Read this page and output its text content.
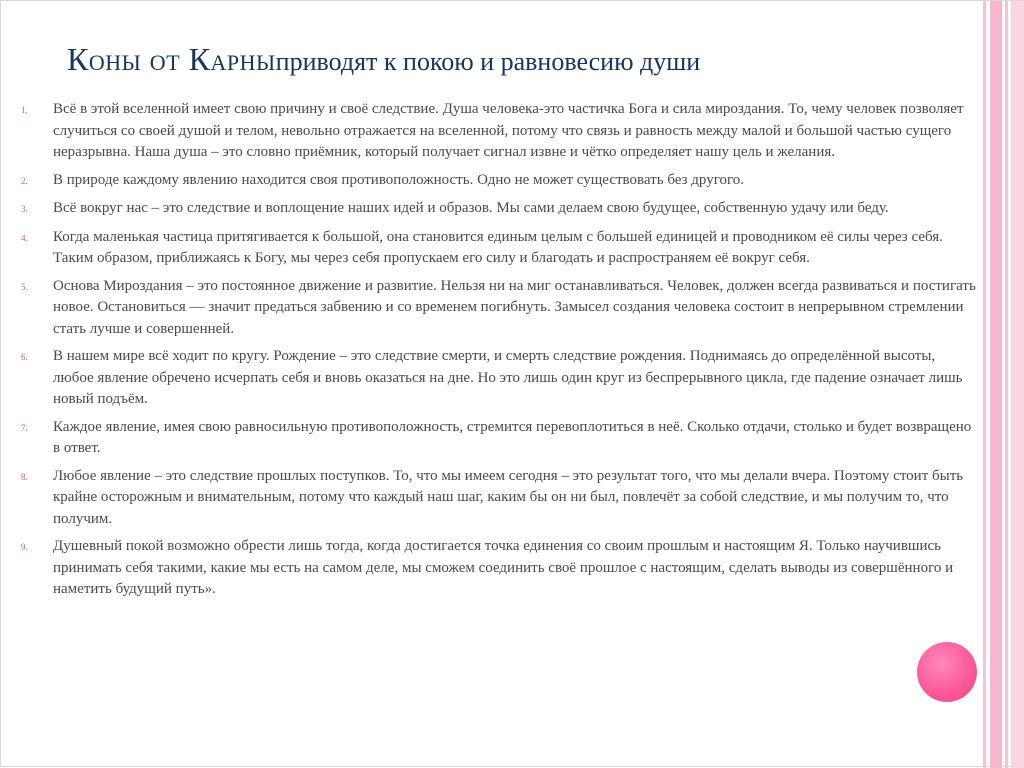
Коны от Карныприводят к покою и равновесию души
1.	Всё в этой вселенной имеет свою причину и своё следствие. Душа человека-это частичка Бога и сила мироздания. То, чему человек позволяет случиться со своей душой и телом, невольно отражается на вселенной, потому что связь и равность между малой и большой частью сущего неразрывна. Наша душа – это словно приёмник, который получает сигнал извне и чётко определяет нашу цель и желания.
2.	В природе каждому явлению находится своя противоположность. Одно не может существовать без другого.
3.	Всё вокруг нас – это следствие и воплощение наших идей и образов. Мы сами делаем свою будущее, собственную удачу или беду.
4.	Когда маленькая частица притягивается к большой, она становится единым целым с большей единицей и проводником её силы через себя. Таким образом, приближаясь к Богу, мы через себя пропускаем его силу и благодать и распространяем её вокруг себя.
5.	Основа Мироздания – это постоянное движение и развитие. Нельзя ни на миг останавливаться. Человек, должен всегда развиваться и постигать новое. Остановиться — значит предаться забвению и со временем погибнуть. Замысел создания человека состоит в непрерывном стремлении стать лучше и совершенней.
6.	В нашем мире всё ходит по кругу. Рождение – это следствие смерти, и смерть следствие рождения. Поднимаясь до определённой высоты, любое явление обречено исчерпать себя и вновь оказаться на дне. Но это лишь один круг из беспрерывного цикла, где падение означает лишь новый подъём.
7.	Каждое явление, имея свою равносильную противоположность, стремится перевоплотиться в неё. Сколько отдачи, столько и будет возвращено в ответ.
8.	Любое явление – это следствие прошлых поступков. То, что мы имеем сегодня – это результат того, что мы делали вчера. Поэтому стоит быть крайне осторожным и внимательным, потому что каждый наш шаг, каким бы он ни был, повлечёт за собой следствие, и мы получим то, что получим.
9.	Душевный покой возможно обрести лишь тогда, когда достигается точка единения со своим прошлым и настоящим Я. Только научившись принимать себя такими, какие мы есть на самом деле, мы сможем соединить своё прошлое с настоящим, сделать выводы из совершённого и наметить будущий путь».
